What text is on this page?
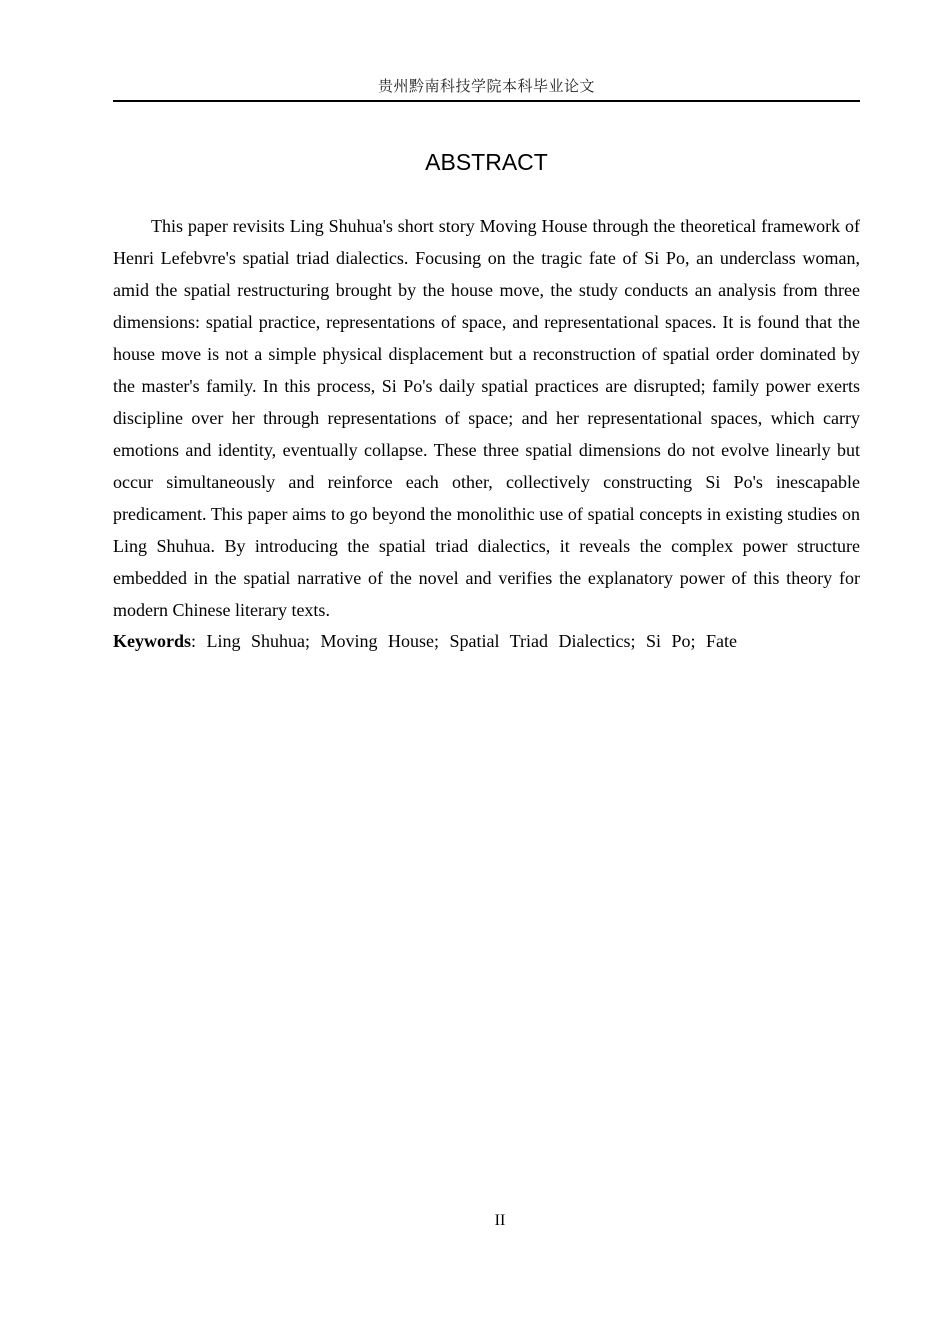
贵州黔南科技学院本科毕业论文
ABSTRACT

This paper revisits Ling Shuhua's short story Moving House through the theoretical framework of Henri Lefebvre's spatial triad dialectics. Focusing on the tragic fate of Si Po, an underclass woman, amid the spatial restructuring brought by the house move, the study conducts an analysis from three dimensions: spatial practice, representations of space, and representational spaces. It is found that the house move is not a simple physical displacement but a reconstruction of spatial order dominated by the master's family. In this process, Si Po's daily spatial practices are disrupted; family power exerts discipline over her through representations of space; and her representational spaces, which carry emotions and identity, eventually collapse. These three spatial dimensions do not evolve linearly but occur simultaneously and reinforce each other, collectively constructing Si Po's inescapable predicament. This paper aims to go beyond the monolithic use of spatial concepts in existing studies on Ling Shuhua. By introducing the spatial triad dialectics, it reveals the complex power structure embedded in the spatial narrative of the novel and verifies the explanatory power of this theory for modern Chinese literary texts.

Keywords: Ling Shuhua; Moving House; Spatial Triad Dialectics; Si Po; Fate

II
